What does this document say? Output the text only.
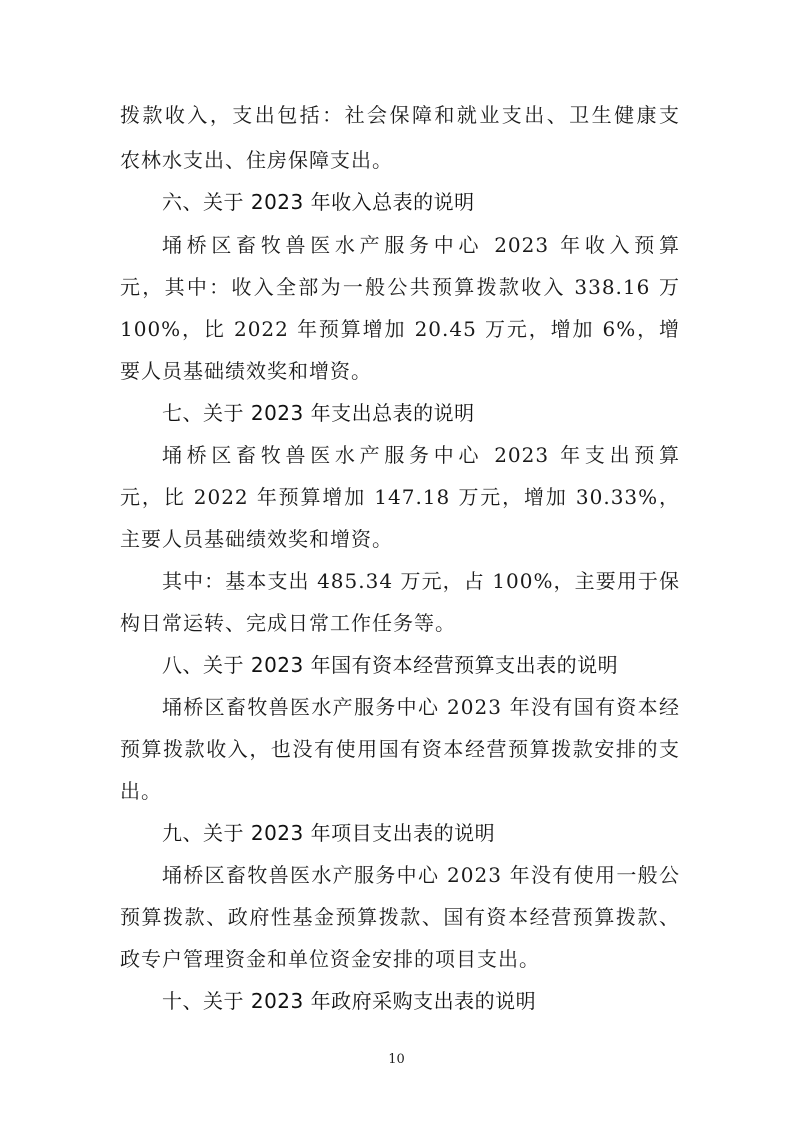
拨款收入，支出包括：社会保障和就业支出、卫生健康支
农林水支出、住房保障支出。
六、关于 2023 年收入总表的说明
埇桥区畜牧兽医水产服务中心 2023 年收入预算
元，其中：收入全部为一般公共预算拨款收入 338.16 万
100%，比 2022 年预算增加 20.45 万元，增加 6%，增
要人员基础绩效奖和增资。
七、关于 2023 年支出总表的说明
埇桥区畜牧兽医水产服务中心 2023 年支出预算
元，比 2022 年预算增加 147.18 万元，增加 30.33%，
主要人员基础绩效奖和增资。
其中：基本支出 485.34 万元，占 100%，主要用于保
构日常运转、完成日常工作任务等。
八、关于 2023 年国有资本经营预算支出表的说明
埇桥区畜牧兽医水产服务中心 2023 年没有国有资本经
预算拨款收入，也没有使用国有资本经营预算拨款安排的支
出。
九、关于 2023 年项目支出表的说明
埇桥区畜牧兽医水产服务中心 2023 年没有使用一般公
预算拨款、政府性基金预算拨款、国有资本经营预算拨款、
政专户管理资金和单位资金安排的项目支出。
十、关于 2023 年政府采购支出表的说明
10
